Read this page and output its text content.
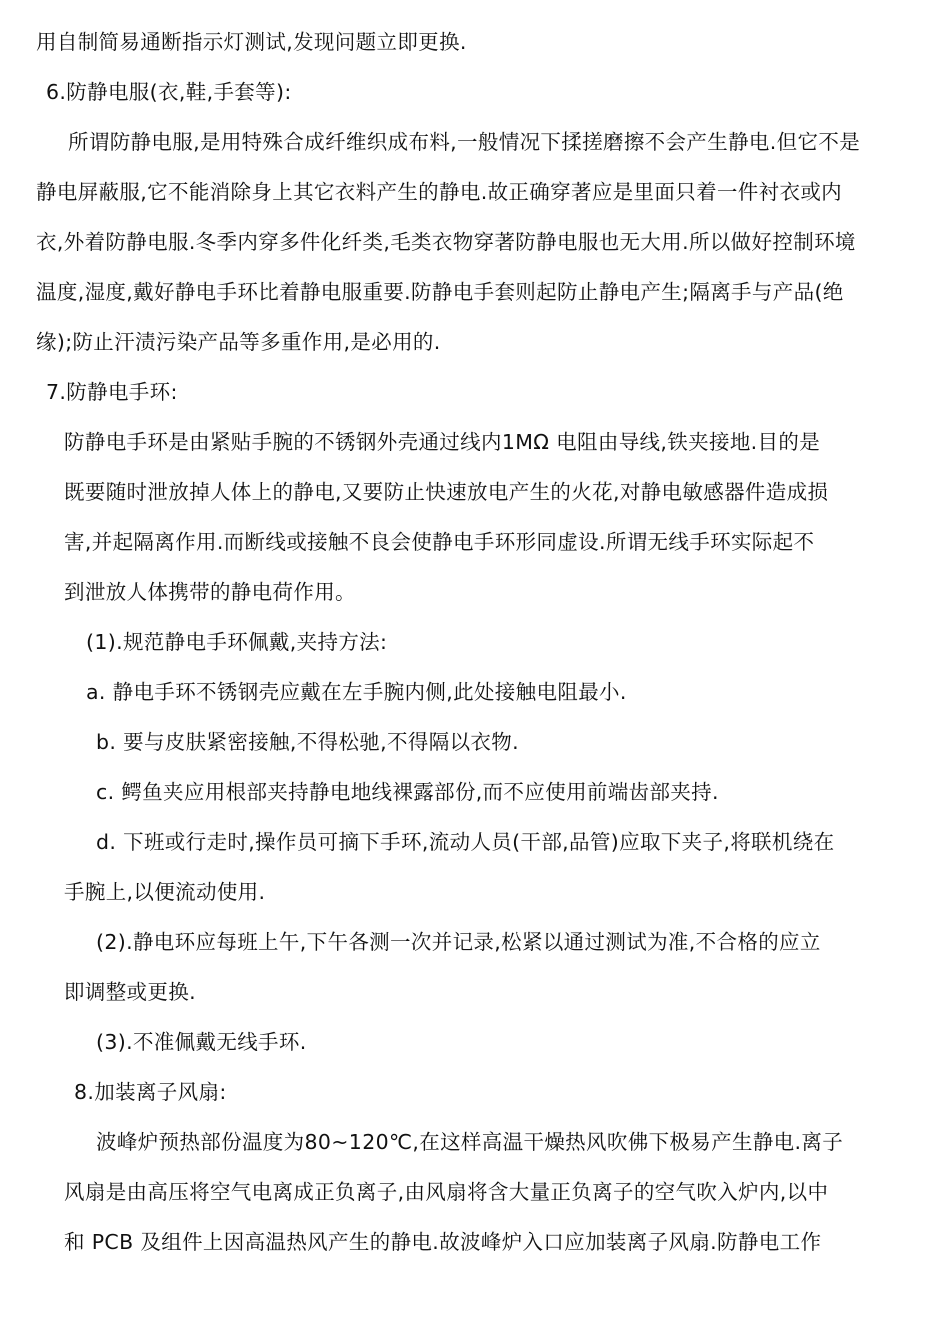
用自制简易通断指示灯测试,发现问题立即更换.
6.防静电服(衣,鞋,手套等):
所谓防静电服,是用特殊合成纤维织成布料,一般情况下揉搓磨擦不会产生静电.但它不是
静电屏蔽服,它不能消除身上其它衣料产生的静电.故正确穿著应是里面只着一件衬衣或内
衣,外着防静电服.冬季内穿多件化纤类,毛类衣物穿著防静电服也无大用.所以做好控制环境
温度,湿度,戴好静电手环比着静电服重要.防静电手套则起防止静电产生;隔离手与产品(绝
缘);防止汗渍污染产品等多重作用,是必用的.
7.防静电手环:
防静电手环是由紧贴手腕的不锈钢外壳通过线内1MΩ 电阻由导线,铁夹接地.目的是
既要随时泄放掉人体上的静电,又要防止快速放电产生的火花,对静电敏感器件造成损
害,并起隔离作用.而断线或接触不良会使静电手环形同虚设.所谓无线手环实际起不
到泄放人体携带的静电荷作用。
(1).规范静电手环佩戴,夹持方法:
a. 静电手环不锈钢壳应戴在左手腕内侧,此处接触电阻最小.
b. 要与皮肤紧密接触,不得松驰,不得隔以衣物.
c. 鳄鱼夹应用根部夹持静电地线裸露部份,而不应使用前端齿部夹持.
d. 下班或行走时,操作员可摘下手环,流动人员(干部,品管)应取下夹子,将联机绕在
手腕上,以便流动使用.
(2).静电环应每班上午,下午各测一次并记录,松紧以通过测试为准,不合格的应立
即调整或更换.
(3).不准佩戴无线手环.
8.加装离子风扇:
波峰炉预热部份温度为80~120℃,在这样高温干燥热风吹佛下极易产生静电.离子
风扇是由高压将空气电离成正负离子,由风扇将含大量正负离子的空气吹入炉内,以中
和 PCB 及组件上因高温热风产生的静电.故波峰炉入口应加装离子风扇.防静电工作
